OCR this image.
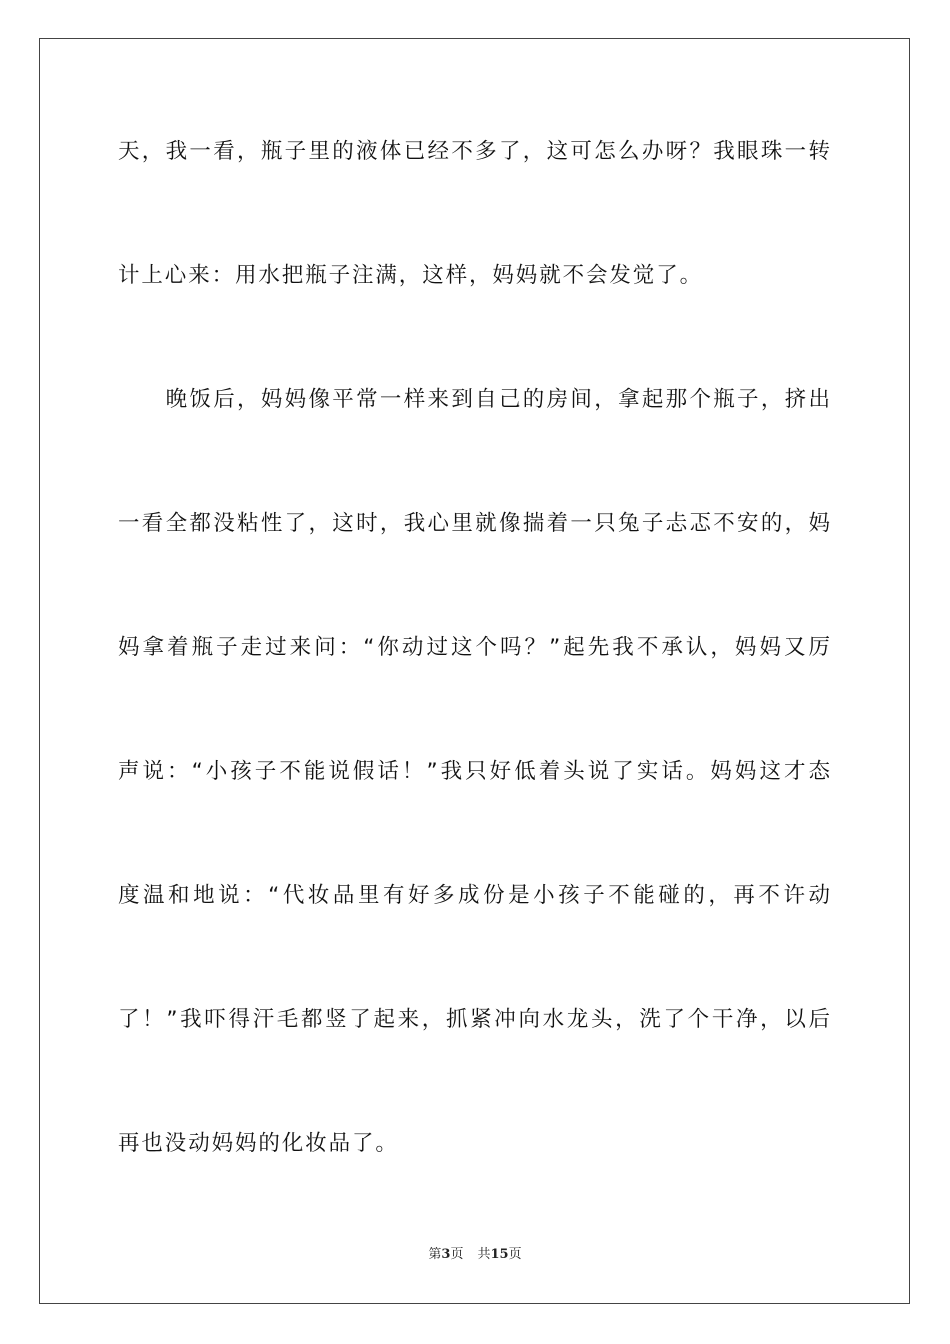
天，我一看，瓶子里的液体已经不多了，这可怎么办呀？我眼珠一转
计上心来：用水把瓶子注满，这样，妈妈就不会发觉了。
　　晚饭后，妈妈像平常一样来到自己的房间，拿起那个瓶子，挤出
一看全都没粘性了，这时，我心里就像揣着一只兔子忐忑不安的，妈
妈拿着瓶子走过来问：“你动过这个吗？”起先我不承认，妈妈又厉
声说：“小孩子不能说假话！”我只好低着头说了实话。妈妈这才态
度温和地说：“代妆品里有好多成份是小孩子不能碰的，再不许动
了！”我吓得汗毛都竖了起来，抓紧冲向水龙头，洗了个干净，以后
再也没动妈妈的化妆品了。
第3页 共15页
